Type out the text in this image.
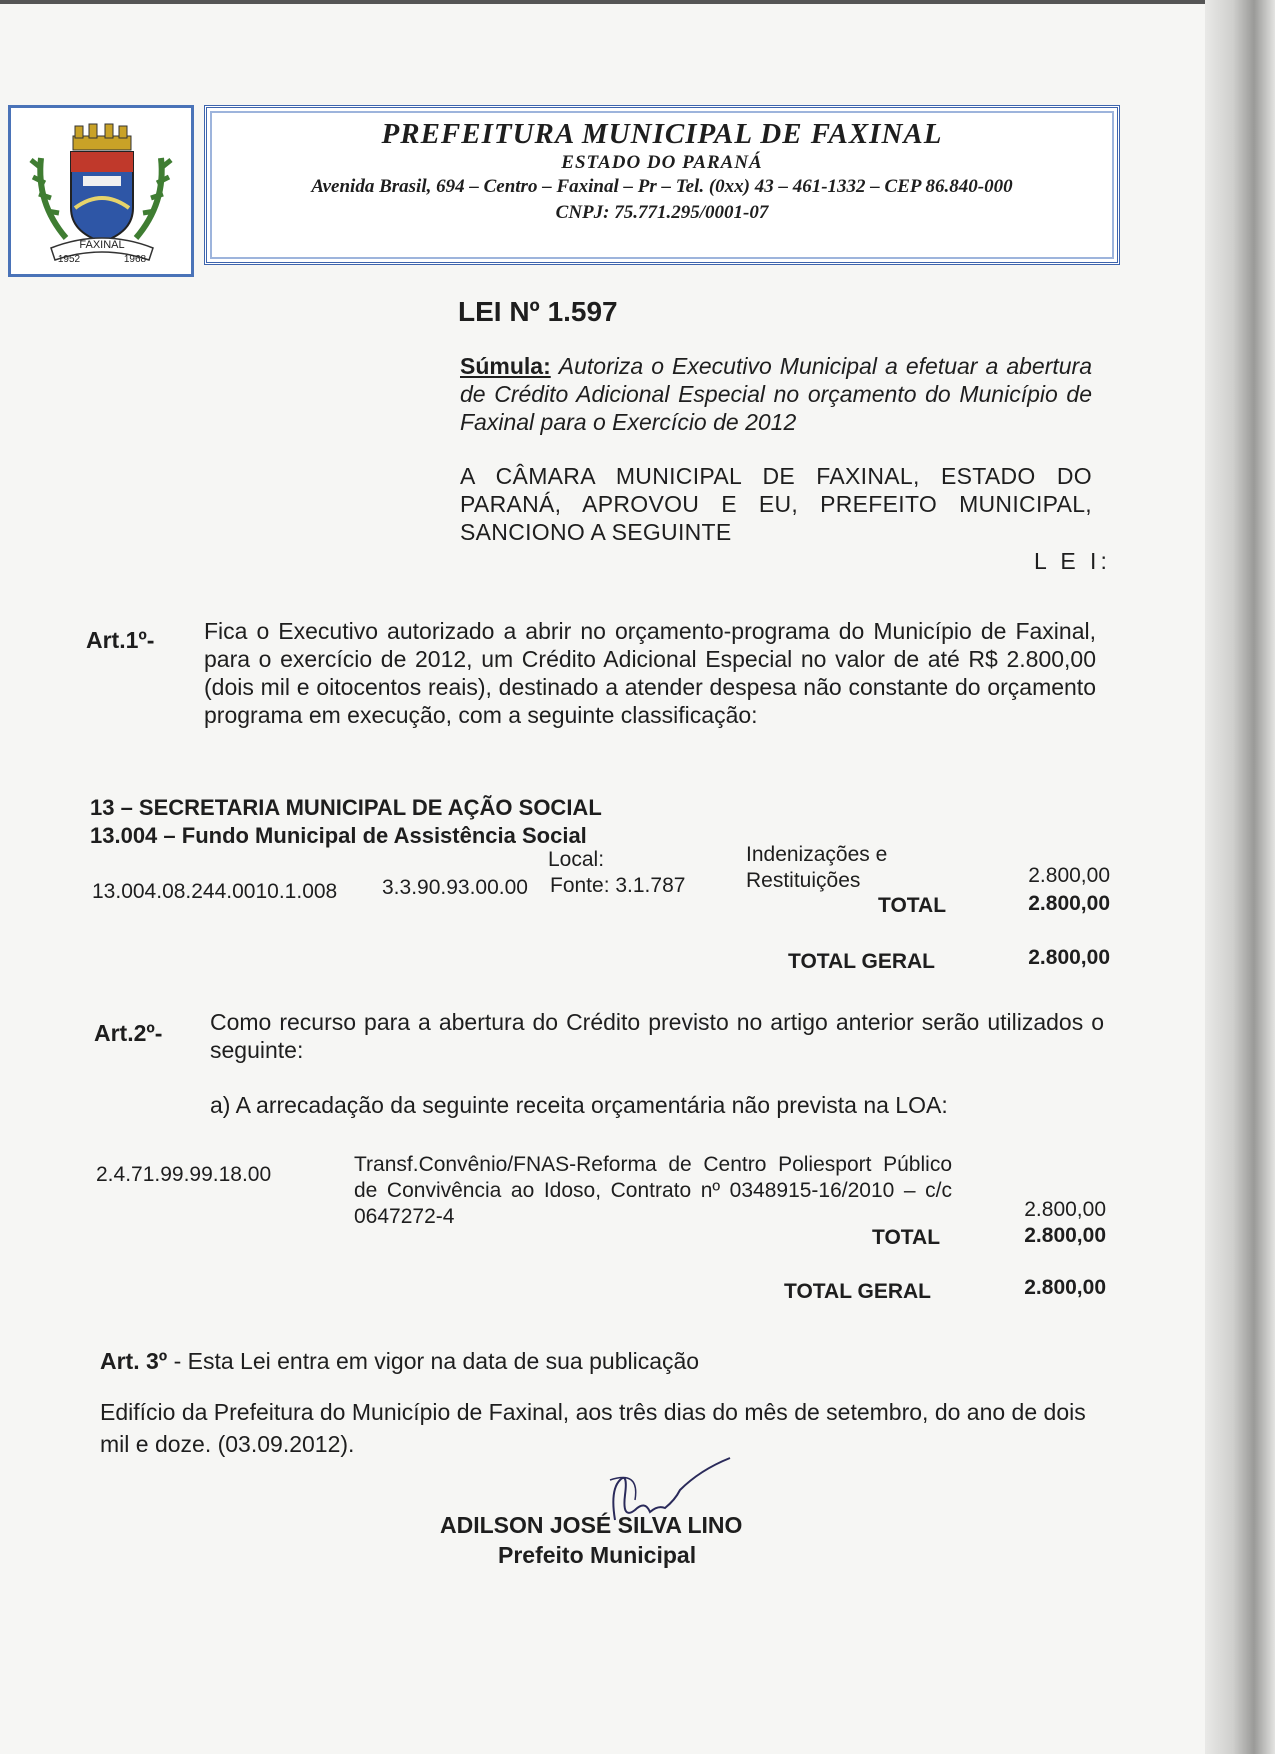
FAXINAL
1952	1968
PREFEITURA MUNICIPAL DE FAXINAL
ESTADO DO PARANÁ
Avenida Brasil, 694 – Centro – Faxinal – Pr – Tel. (0xx) 43 – 461-1332 – CEP 86.840-000
CNPJ: 75.771.295/0001-07
LEI Nº 1.597
Súmula: Autoriza o Executivo Municipal a efetuar a abertura de Crédito Adicional Especial no orçamento do Município de Faxinal para o Exercício de 2012
A CÂMARA MUNICIPAL DE FAXINAL, ESTADO DO PARANÁ, APROVOU E EU, PREFEITO MUNICIPAL, SANCIONO A SEGUINTE
L E I:
Art.1º- Fica o Executivo autorizado a abrir no orçamento-programa do Município de Faxinal, para o exercício de 2012, um Crédito Adicional Especial no valor de até R$ 2.800,00 (dois mil e oitocentos reais), destinado a atender despesa não constante do orçamento programa em execução, com a seguinte classificação:
13 – SECRETARIA MUNICIPAL DE AÇÃO SOCIAL
13.004 – Fundo Municipal de Assistência Social
Local:
13.004.08.244.0010.1.008 3.3.90.93.00.00 Fonte: 3.1.787
Indenizações e
Restituições	2.800,00
TOTAL	2.800,00
TOTAL GERAL	2.800,00
Art.2º- Como recurso para a abertura do Crédito previsto no artigo anterior serão utilizados o seguinte:
a) A arrecadação da seguinte receita orçamentária não prevista na LOA:
2.4.71.99.99.18.00	Transf.Convênio/FNAS-Reforma de Centro Poliesport Público de Convivência ao Idoso, Contrato nº 0348915-16/2010 – c/c 0647272-4	2.800,00
TOTAL	2.800,00
TOTAL GERAL	2.800,00
Art. 3º - Esta Lei entra em vigor na data de sua publicação
Edifício da Prefeitura do Município de Faxinal, aos três dias do mês de setembro, do ano de dois mil e doze. (03.09.2012).
ADILSON JOSÉ SILVA LINO
Prefeito Municipal
